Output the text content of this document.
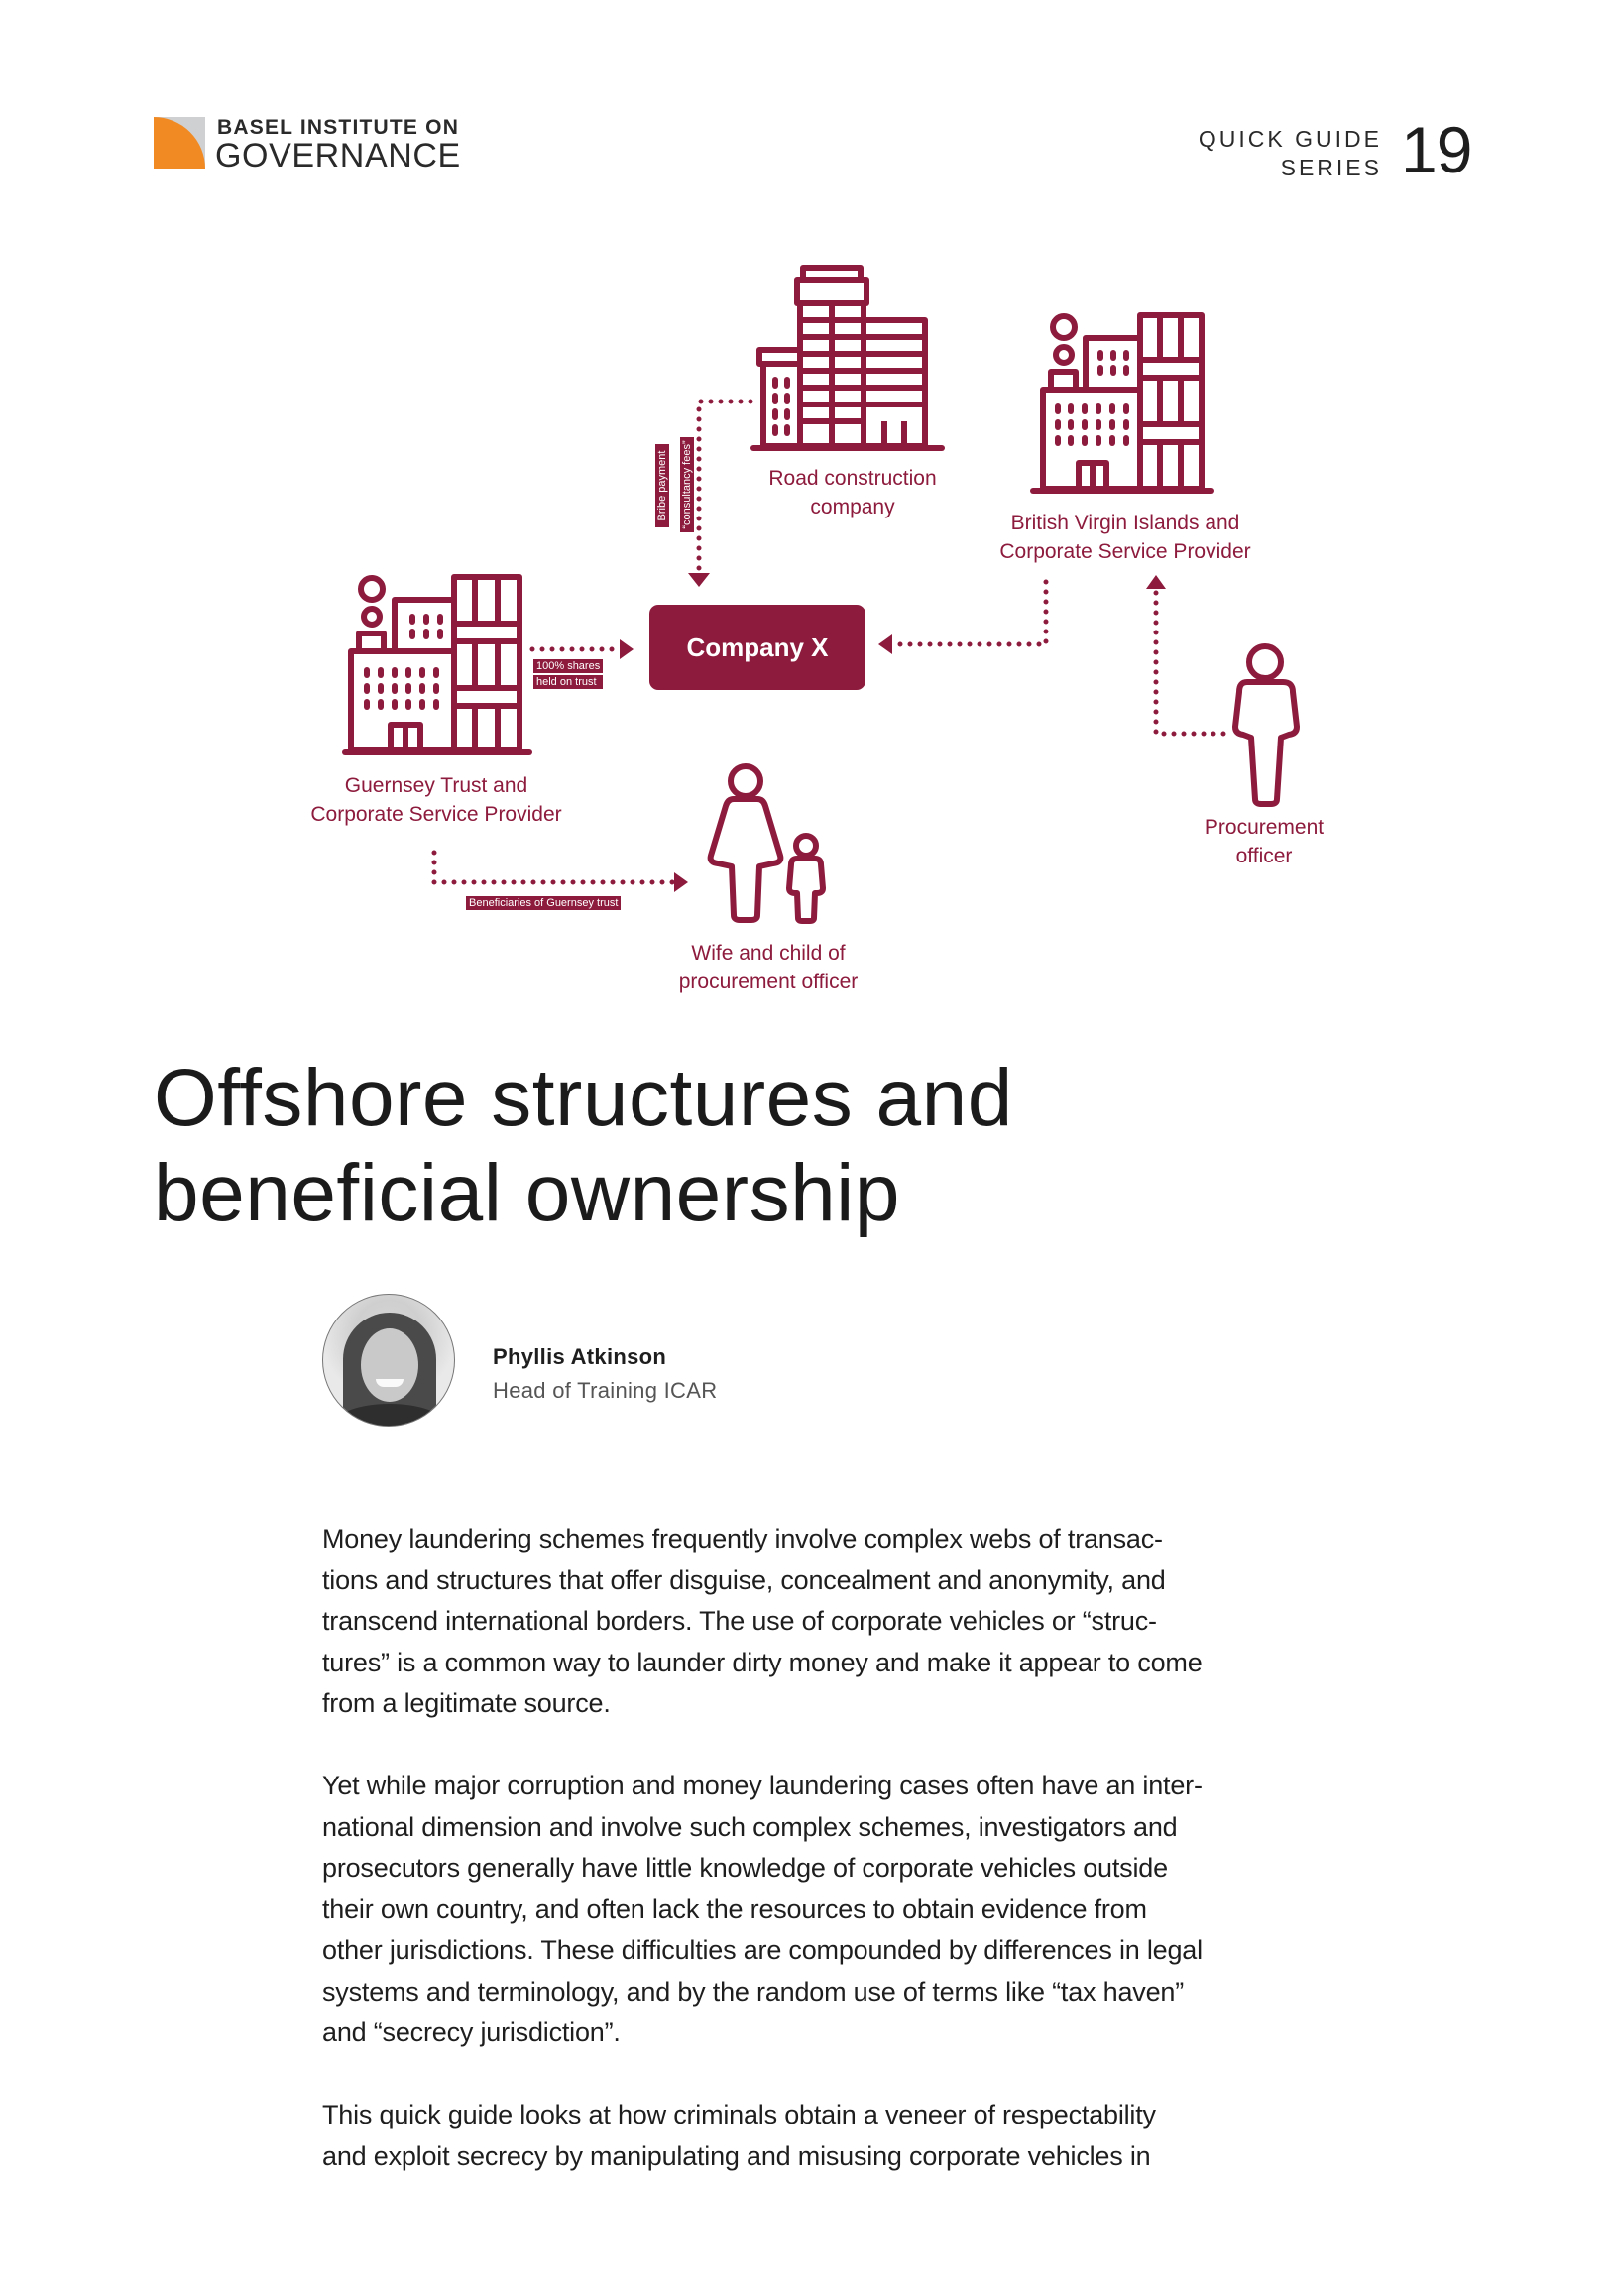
BASEL INSTITUTE ON
GOVERNANCE	QUICK GUIDE
SERIES 19
Road construction
company
British Virgin Islands and
Corporate Service Provider
Guernsey Trust and
Corporate Service Provider
Company X
Procurement
officer
Wife and child of
procurement officer
Bribe payment “consultancy fees”
100% shares
held on trust
Beneficiaries of Guernsey trust
Offshore structures and
beneficial ownership
Phyllis Atkinson
Head of Training ICAR
Money laundering schemes frequently involve complex webs of transac-
tions and structures that offer disguise, concealment and anonymity, and
transcend international borders. The use of corporate vehicles or “struc-
tures” is a common way to launder dirty money and make it appear to come
from a legitimate source.
Yet while major corruption and money laundering cases often have an inter-
national dimension and involve such complex schemes, investigators and
prosecutors generally have little knowledge of corporate vehicles outside
their own country, and often lack the resources to obtain evidence from
other jurisdictions. These difficulties are compounded by differences in legal
systems and terminology, and by the random use of terms like “tax haven”
and “secrecy jurisdiction”.
This quick guide looks at how criminals obtain a veneer of respectability
and exploit secrecy by manipulating and misusing corporate vehicles in
